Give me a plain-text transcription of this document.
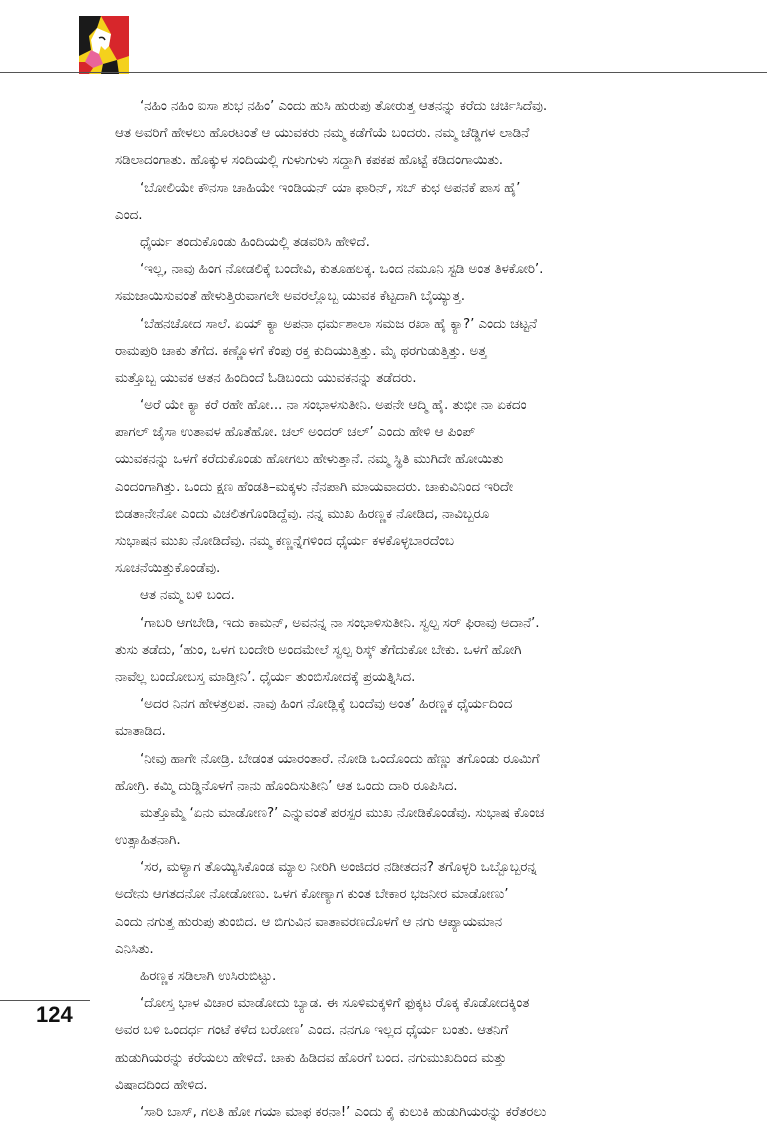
‘ನಹಿಂ ನಹಿಂ ಐಸಾ ಶುಭ ನಹಿಂ’ ಎಂದು ಹುಸಿ ಹುರುಪು ತೋರುತ್ತ ಆತನನ್ನು ಕರೆದು ಚರ್ಚಿಸಿದೆವು.
ಆತ ಅವರಿಗೆ ಹೇಳಲು ಹೊರಟಂತೆ ಆ ಯುವಕರು ನಮ್ಮ ಕಡೆಗೆಯೆ ಬಂದರು. ನಮ್ಮ ಚೆಡ್ಡಿಗಳ ಲಾಡಿನೆ
ಸಡಿಲಾದಂಗಾತು. ಹೊಕ್ಕುಳ ಸಂದಿಯಲ್ಲಿ ಗುಳುಗುಳು ಸದ್ದಾಗಿ ಕಪಕಪ ಹೊಟ್ಟೆ ಕಡಿದಂಗಾಯಿತು.
‘ಬೋಲಿಯೇ ಕೌನಸಾ ಚಾಹಿಯೇ ಇಂಡಿಯನ್ ಯಾ ಫಾರಿನ್, ಸಬ್ ಕುಛ ಅಪನಕೆ ಪಾಸ ಹೈ’
ಎಂದ.
ಧೈರ್ಯ ತಂದುಕೊಂಡು ಹಿಂದಿಯಲ್ಲಿ ತಡವರಿಸಿ ಹೇಳಿದೆ.
‘ಇಲ್ಲ, ನಾವು ಹಿಂಗ ನೋಡಲಿಕ್ಕೆ ಬಂದೇವಿ, ಕುತೂಹಲಕ್ಕ. ಒಂದ ನಮೂನಿ ಸ್ಟಡಿ ಅಂತ ತಿಳಕೋರಿ’.
ಸಮಜಾಯಿಸುವಂತೆ ಹೇಳುತ್ತಿರುವಾಗಲೇ ಅವರಲ್ಲೊಬ್ಬ ಯುವಕ ಕೆಟ್ಟದಾಗಿ ಬೈಯ್ಯುತ್ತ.
‘ಬೆಹನಚೋದ ಸಾಲೆ. ಏಯ್ ಕ್ಯಾ ಅಪನಾ ಧರ್ಮಶಾಲಾ ಸಮಜ ರಖಾ ಹೈ ಕ್ಯಾ?’ ಎಂದು ಚಟ್ಟನೆ
ರಾಮಪುರಿ ಚಾಕು ತೆಗೆದ. ಕಣ್ಣೊಳಗೆ ಕೆಂಪು ರಕ್ತ ಕುದಿಯುತ್ತಿತ್ತು. ಮೈ ಥರಗುಡುತ್ತಿತ್ತು. ಅತ್ತ
ಮತ್ತೊಬ್ಬ ಯುವಕ ಆತನ ಹಿಂದಿಂದೆ ಓಡಿಬಂದು ಯುವಕನನ್ನು ತಡೆದರು.
‘ಅರೆ ಯೇ ಕ್ಯಾ ಕರೆ ರಹೇ ಹೋ... ನಾ ಸಂಭಾಳಸುತೀನಿ. ಅಪನೇ ಆದ್ಮಿ ಹೈ. ತುಭೀ ನಾ ಏಕದಂ
ಪಾಗಲ್ ಜೈಸಾ ಉತಾವಳ ಹೊತೆಹೋ. ಚಲ್ ಅಂದರ್ ಚಲ್’ ಎಂದು ಹೇಳಿ ಆ ಪಿಂಪ್
ಯುವಕನನ್ನು ಒಳಗೆ ಕರೆದುಕೊಂಡು ಹೋಗಲು ಹೇಳುತ್ತಾನೆ. ನಮ್ಮ ಸ್ಥಿತಿ ಮುಗಿದೇ ಹೋಯಿತು
ಎಂದಂಗಾಗಿತ್ತು. ಒಂದು ಕ್ಷಣ ಹೆಂಡತಿ–ಮಕ್ಕಳು ನೆನಪಾಗಿ ಮಾಯವಾದರು. ಚಾಕುವಿನಿಂದ ಇರಿದೇ
ಬಿಡತಾನೇನೋ ಎಂದು ವಿಚಲಿತಗೊಂಡಿದ್ದೆವು. ನನ್ನ ಮುಖ ಹಿರಣ್ಣಕ ನೋಡಿದ, ನಾವಿಬ್ಬರೂ
ಸುಭಾಷನ ಮುಖ ನೋಡಿದೆವು. ನಮ್ಮ ಕಣ್ಣನ್ನೆಗಳಿಂದ ಧೈರ್ಯ ಕಳಕೊಳ್ಳಬಾರದೆಂಬ
ಸೂಚನೆಯಿತ್ತುಕೊಂಡೆವು.
ಆತ ನಮ್ಮ ಬಳಿ ಬಂದ.
‘ಗಾಬರಿ ಆಗಬೇಡಿ, ಇದು ಕಾಮನ್, ಅವನನ್ನ ನಾ ಸಂಭಾಳಿಸುತೀನಿ. ಸ್ವಲ್ಪ ಸರ್ ಫಿರಾವು ಅದಾನೆ’.
ತುಸು ತಡೆದು, ‘ಹುಂ, ಒಳಗ ಬಂದೇರಿ ಅಂದಮೇಲೆ ಸ್ವಲ್ಪ ರಿಸ್ಕ್ ತೆಗೆದುಕೋ ಬೇಕು. ಒಳಗೆ ಹೋಗಿ
ನಾವೆಲ್ಲ ಬಂದೋಬಸ್ತ ಮಾಡ್ತೀನಿ’. ಧೈರ್ಯ ತುಂಬಿಸೋದಕ್ಕೆ ಪ್ರಯತ್ನಿಸಿದ.
‘ಅದರ ನಿನಗ ಹೇಳತ್ರಲಪ. ನಾವು ಹಿಂಗ ನೋಡ್ಲಿಕ್ಕೆ ಬಂದೆವು ಅಂತ’ ಹಿರಣ್ಣಕ ಧೈರ್ಯದಿಂದ
ಮಾತಾಡಿದ.
‘ನೀವು ಹಾಗೇ ನೋಡ್ರಿ. ಬೇಡಂತ ಯಾರಂತಾರೆ. ನೋಡಿ ಒಂದೊಂದು ಹೆಣ್ಣು ತಗೊಂಡು ರೂಮಿಗೆ
ಹೋಗ್ರಿ. ಕಮ್ಮಿ ದುಡ್ಡಿನೊಳಗೆ ನಾನು ಹೊಂದಿಸುತೀನಿ’ ಆತ ಒಂದು ದಾರಿ ರೂಪಿಸಿದ.
ಮತ್ತೊಮ್ಮೆ ‘ಏನು ಮಾಡೋಣ?’ ಎನ್ನುವಂತೆ ಪರಸ್ಪರ ಮುಖ ನೋಡಿಕೊಂಡೆವು. ಸುಭಾಷ ಕೊಂಚ
ಉತ್ಸಾಹಿತನಾಗಿ.
‘ಸರ, ಮಳ್ಯಾಗ ತೊಯ್ಯಿಸಿಕೊಂಡ ಮ್ಯಾಲ ನೀರಿಗಿ ಅಂಜಿದರ ನಡೀತದನ? ತಗೊಳ್ಳರಿ ಒಬ್ಬೊಬ್ಬರನ್ನ
ಅದೇನು ಆಗತದನೋ ನೋಡೋಣು. ಒಳಗ ಕೋಣ್ಯಾಗ ಕುಂತ ಬೇಕಾರ ಭಜನೀರ ಮಾಡೋಣು’
ಎಂದು ನಗುತ್ತ ಹುರುಪು ತುಂಬಿದ. ಆ ಬಿಗುವಿನ ವಾತಾವರಣದೊಳಗೆ ಆ ನಗು ಆಪ್ಯಾಯಮಾನ
ಎನಿಸಿತು.
ಹಿರಣ್ಣಕ ಸಡಿಲಾಗಿ ಉಸಿರುಬಿಟ್ಟು.
‘ದೋಸ್ತ ಭಾಳ ವಿಚಾರ ಮಾಡೋದು ಬ್ಯಾಡ. ಈ ಸೂಳಿಮಕ್ಕಳಿಗೆ ಫುಕ್ಕಟ ರೊಕ್ಕ ಕೊಡೋದಕ್ಕಿಂತ
ಅವರ ಬಳಿ ಒಂದರ್ಧ ಗಂಟೆ ಕಳೆದ ಬರೋಣ’ ಎಂದ. ನನಗೂ ಇಲ್ಲದ ಧೈರ್ಯ ಬಂತು. ಆತನಿಗೆ
ಹುಡುಗಿಯರನ್ನು ಕರೆಯಲು ಹೇಳಿದೆ. ಚಾಕು ಹಿಡಿದವ ಹೊರಗೆ ಬಂದ. ನಗುಮುಖದಿಂದ ಮತ್ತು
ವಿಷಾದದಿಂದ ಹೇಳಿದ.
‘ಸಾರಿ ಬಾಸ್, ಗಲತಿ ಹೋ ಗಯಾ ಮಾಫ ಕರನಾ!’ ಎಂದು ಕೈ ಕುಲುಕಿ ಹುಡುಗಿಯರನ್ನು ಕರೆತರಲು
124
